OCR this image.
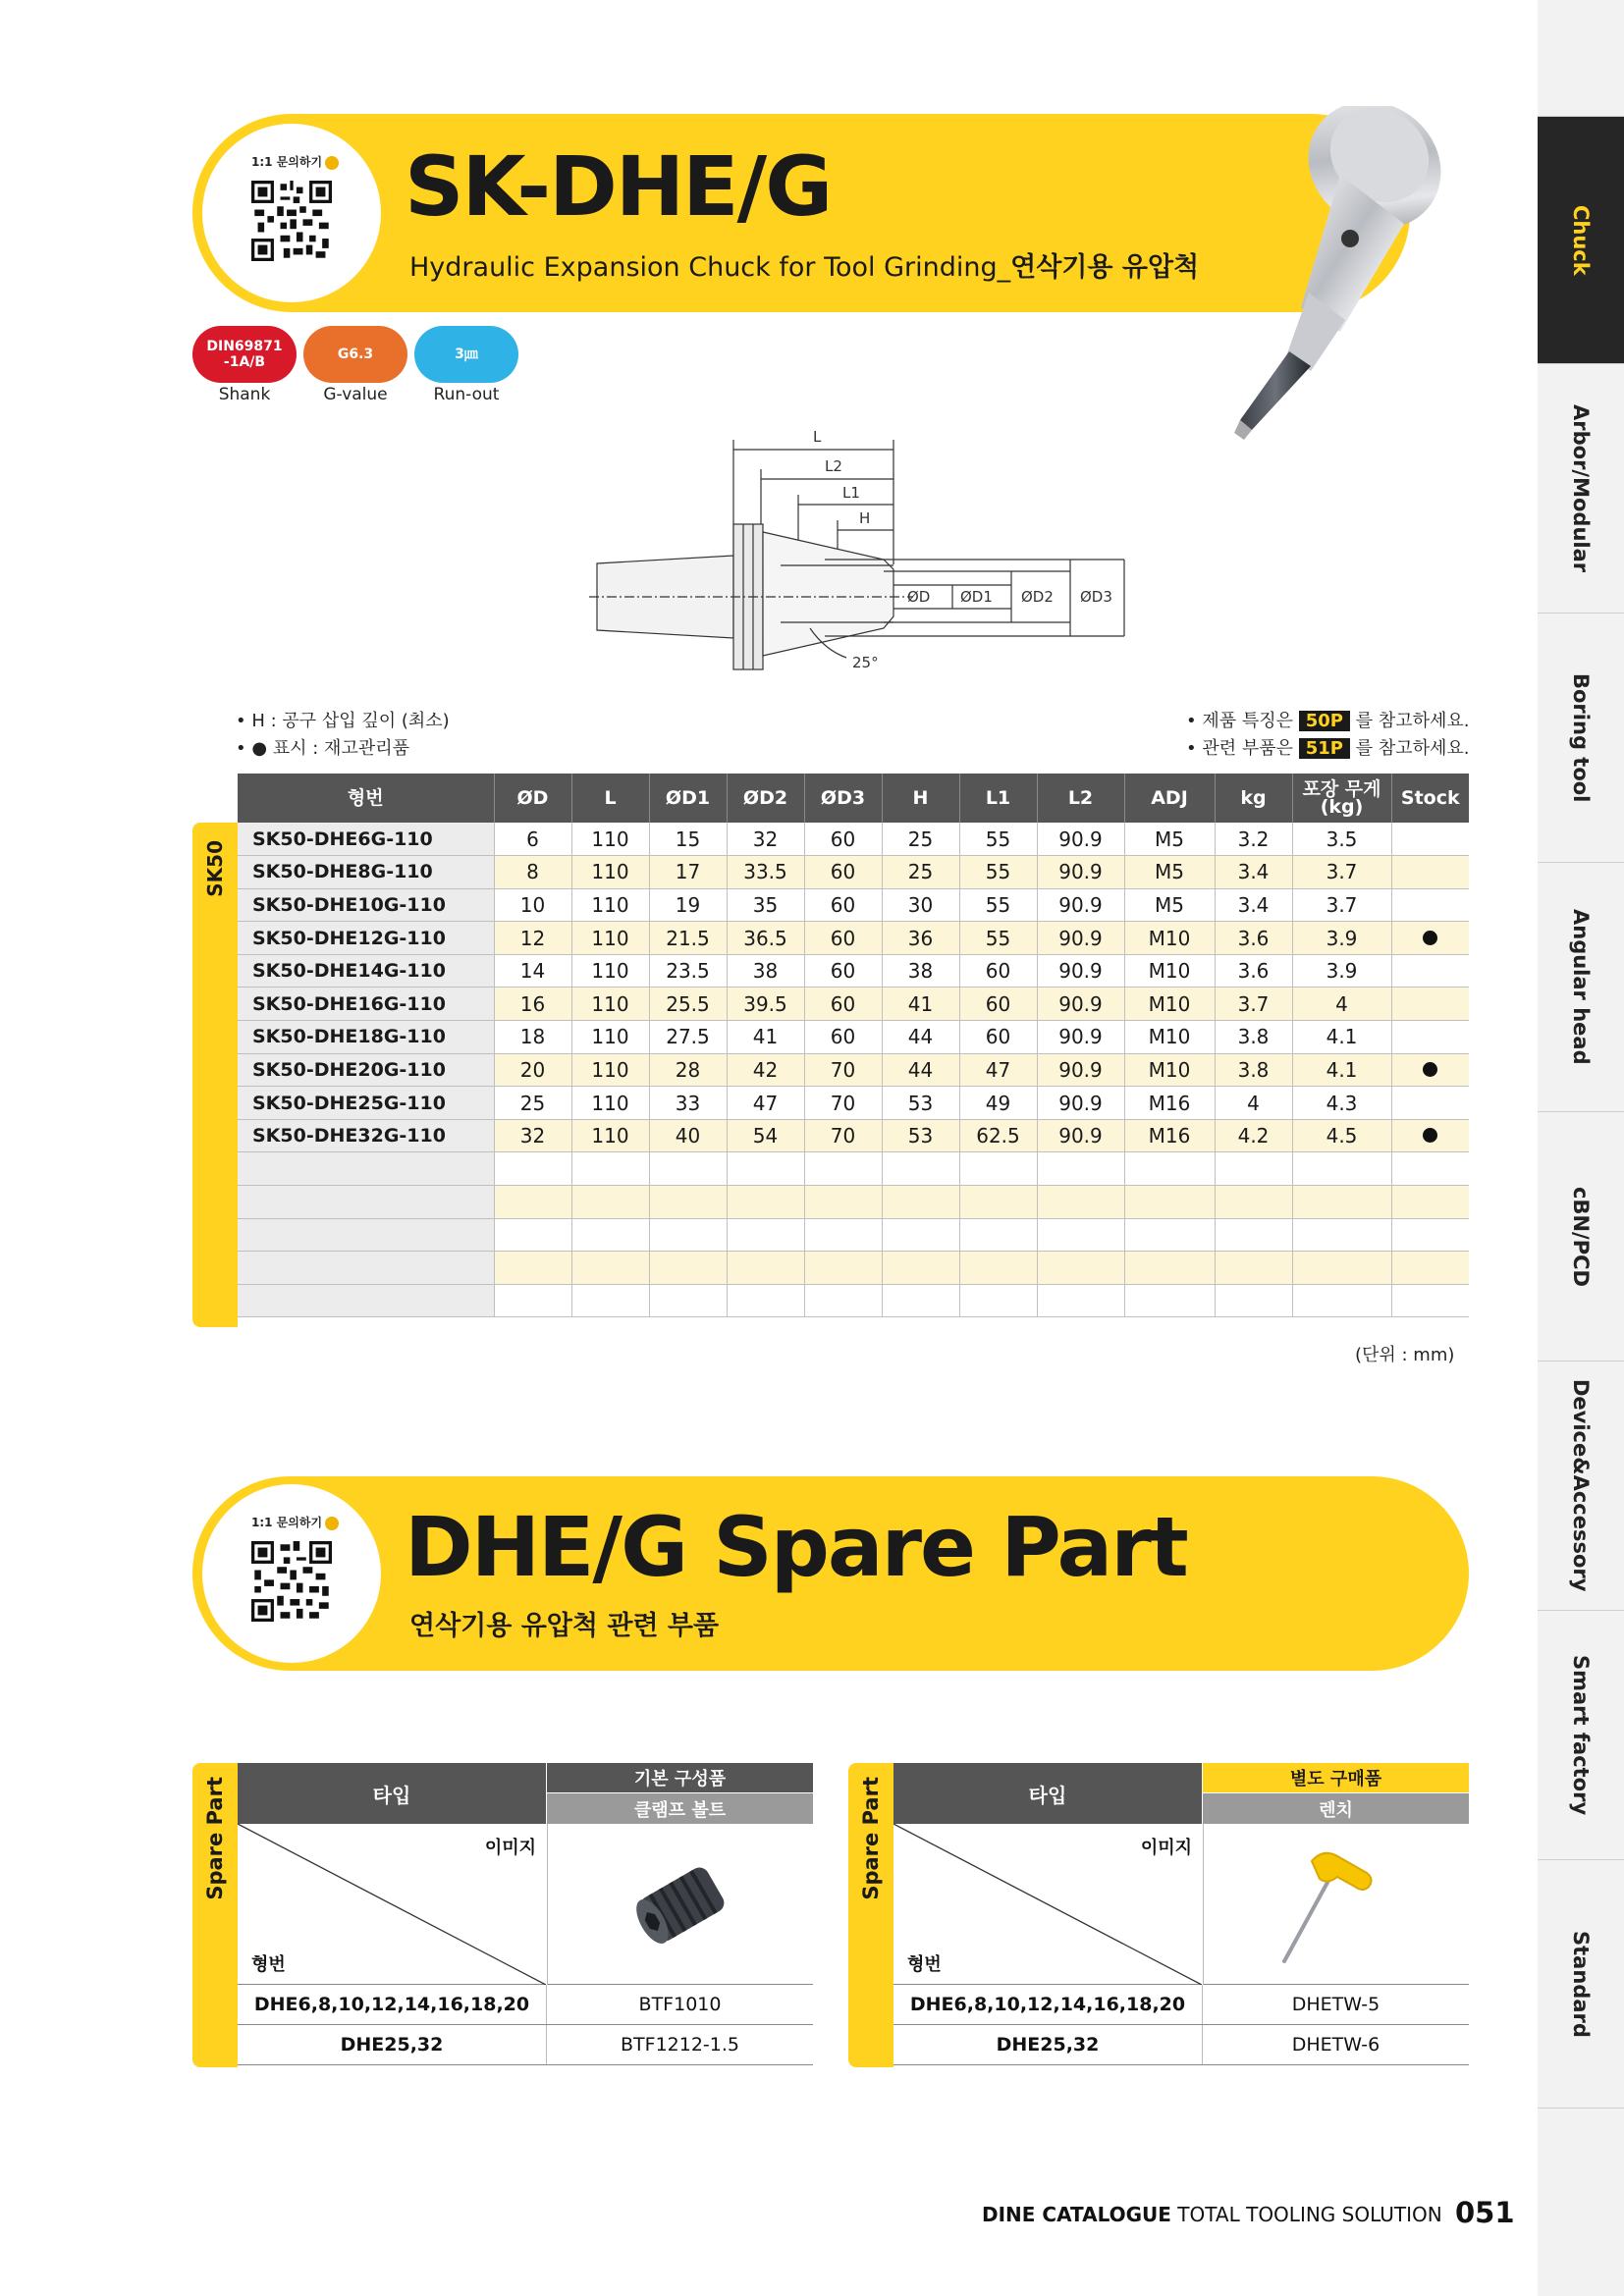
Chuck
Arbor/Modular
Boring tool
Angular head
cBN/PCD
Device&Accessory
Smart factory
Standard
1:1 문의하기 SK-DHE/G
Hydraulic Expansion Chuck for Tool Grinding_연삭기용 유압척
DIN69871 -1A/B
Shank
G6.3
G-value
3㎛
Run-out
L
L2
L1
H
ØD ØD1 ØD2 ØD3
25°
• H : 공구 삽입 깊이 (최소)
• ● 표시 : 재고관리품
• 제품 특징은 50P 를 참고하세요.
• 관련 부품은 51P 를 참고하세요.
SK50
형번	ØD	L	ØD1	ØD2	ØD3	H	L1	L2	ADJ	kg	포장 무게 (kg)	Stock
SK50-DHE6G-110	6	110	15	32	60	25	55	90.9	M5	3.2	3.5	
SK50-DHE8G-110	8	110	17	33.5	60	25	55	90.9	M5	3.4	3.7	
SK50-DHE10G-110	10	110	19	35	60	30	55	90.9	M5	3.4	3.7	
SK50-DHE12G-110	12	110	21.5	36.5	60	36	55	90.9	M10	3.6	3.9	
SK50-DHE14G-110	14	110	23.5	38	60	38	60	90.9	M10	3.6	3.9	
SK50-DHE16G-110	16	110	25.5	39.5	60	41	60	90.9	M10	3.7	4	
SK50-DHE18G-110	18	110	27.5	41	60	44	60	90.9	M10	3.8	4.1	
SK50-DHE20G-110	20	110	28	42	70	44	47	90.9	M10	3.8	4.1	
SK50-DHE25G-110	25	110	33	47	70	53	49	90.9	M16	4	4.3	
SK50-DHE32G-110	32	110	40	54	70	53	62.5	90.9	M16	4.2	4.5	

(단위 : mm)
1:1 문의하기 DHE/G Spare Part
연삭기용 유압척 관련 부품
Spare Part	타입
기본 구성품
클램프 볼트
이미지
형번
DHE6,8,10,12,14,16,18,20	BTF1010
DHE25,32	BTF1212-1.5
Spare Part	타입
별도 구매품
렌치
이미지
형번
DHE6,8,10,12,14,16,18,20	DHETW-5
DHE25,32	DHETW-6
DINE CATALOGUE TOTAL TOOLING SOLUTION 051
